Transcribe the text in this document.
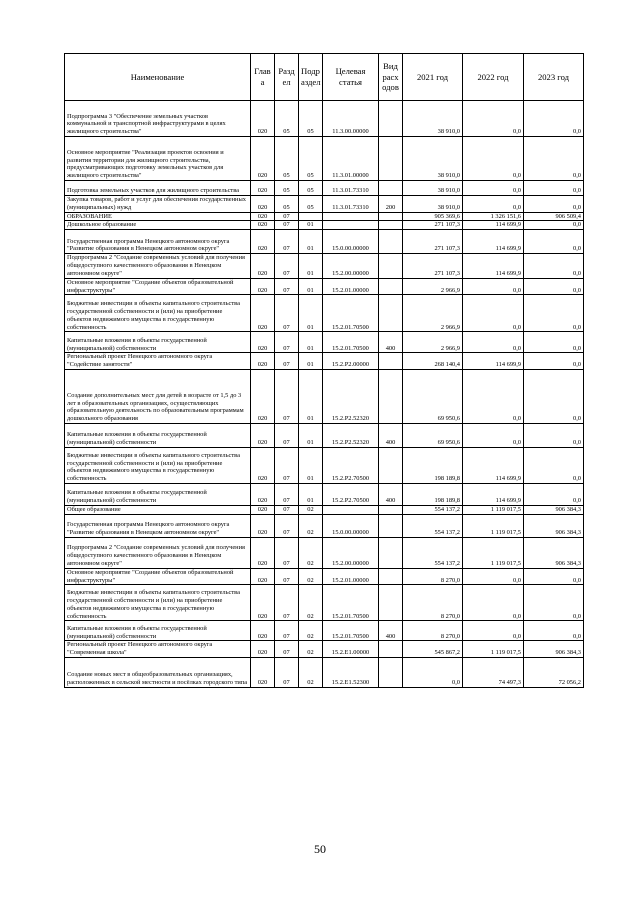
Наименование	Глав а	Разд ел	Подр аздел	Целевая статья	Вид расх одов	2021 год	2022 год	2023 год
Подпрограмма 3 "Обеспечение земельных участков коммунальной и транспортной инфраструктурами в целях жилищного строительства"	020	05	05	11.3.00.00000		38 910,0	0,0	0,0
Основное мероприятие "Реализация проектов освоения и развития территории для жилищного строительства, предусматривающих подготовку земельных участков для жилищного строительства"	020	05	05	11.3.01.00000		38 910,0	0,0	0,0
Подготовка земельных участков для жилищного строительства	020	05	05	11.3.01.73310		38 910,0	0,0	0,0
Закупка товаров, работ и услуг для обеспечения государственных (муниципальных) нужд	020	05	05	11.3.01.73310	200	38 910,0	0,0	0,0
ОБРАЗОВАНИЕ	020	07				905 369,6	1 326 151,6	906 509,4
Дошкольное образование	020	07	01			271 107,3	114 699,9	0,0
Государственная программа Ненецкого автономного округа "Развитие образования в Ненецком автономном округе"	020	07	01	15.0.00.00000		271 107,3	114 699,9	0,0
Подпрограмма 2 "Создание современных условий для получения общедоступного качественного образования в Ненецком автономном округе"	020	07	01	15.2.00.00000		271 107,3	114 699,9	0,0
Основное мероприятие "Создание объектов образовательной инфраструктуры"	020	07	01	15.2.01.00000		2 966,9	0,0	0,0
Бюджетные инвестиции в объекты капитального строительства государственной собственности и (или) на приобретение объектов недвижимого имущества в государственную собственность	020	07	01	15.2.01.70500		2 966,9	0,0	0,0
Капитальные вложения в объекты государственной (муниципальной) собственности	020	07	01	15.2.01.70500	400	2 966,9	0,0	0,0
Региональный проект Ненецкого автономного округа "Содействие занятости"	020	07	01	15.2.P2.00000		268 140,4	114 699,9	0,0
Создание дополнительных мест для детей в возрасте от 1,5 до 3 лет в образовательных организациях, осуществляющих образовательную деятельность по образовательным программам дошкольного образования	020	07	01	15.2.P2.52320		69 950,6	0,0	0,0
Капитальные вложения в объекты государственной (муниципальной) собственности	020	07	01	15.2.P2.52320	400	69 950,6	0,0	0,0
Бюджетные инвестиции в объекты капитального строительства государственной собственности и (или) на приобретение объектов недвижимого имущества в государственную собственность	020	07	01	15.2.P2.70500		198 189,8	114 699,9	0,0
Капитальные вложения в объекты государственной (муниципальной) собственности	020	07	01	15.2.P2.70500	400	198 189,8	114 699,9	0,0
Общее образование	020	07	02			554 137,2	1 119 017,5	906 384,3
Государственная программа Ненецкого автономного округа "Развитие образования в Ненецком автономном округе"	020	07	02	15.0.00.00000		554 137,2	1 119 017,5	906 384,3
Подпрограмма 2 "Создание современных условий для получения общедоступного качественного образования в Ненецком автономном округе"	020	07	02	15.2.00.00000		554 137,2	1 119 017,5	906 384,3
Основное мероприятие "Создание объектов образовательной инфраструктуры"	020	07	02	15.2.01.00000		8 270,0	0,0	0,0
Бюджетные инвестиции в объекты капитального строительства государственной собственности и (или) на приобретение объектов недвижимого имущества в государственную собственность	020	07	02	15.2.01.70500		8 270,0	0,0	0,0
Капитальные вложения в объекты государственной (муниципальной) собственности	020	07	02	15.2.01.70500	400	8 270,0	0,0	0,0
Региональный проект Ненецкого автономного округа "Современная школа"	020	07	02	15.2.E1.00000		545 867,2	1 119 017,5	906 384,3
Создание новых мест в общеобразовательных организациях, расположенных в сельской местности и посёлках городского типа	020	07	02	15.2.E1.52300		0,0	74 497,3	72 056,2
50
